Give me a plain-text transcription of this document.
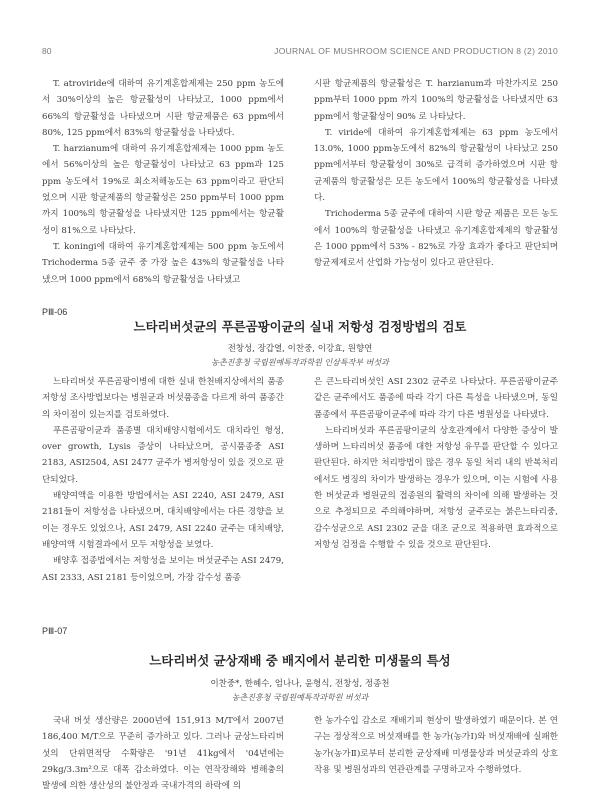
80	JOURNAL OF MUSHROOM SCIENCE AND PRODUCTION 8 (2) 2010

T. atroviride에 대하여 유기계혼합제제는 250 ppm 농도에서 30%이상의 높은 항균활성이 나타났고, 1000 ppm에서 66%의 항균활성을 나타냈으며 시판 항균제품은 63 ppm에서 80%, 125 ppm에서 83%의 항균활성을 나타냈다.

T. harzianum에 대하여 유기계혼합제제는 1000 ppm 농도에서 56%이상의 높은 항균활성이 나타났고 63 ppm과 125 ppm 농도에서 19%로 최소저해농도는 63 ppm이라고 판단되었으며 시판 항균제품의 항균활성은 250 ppm부터 1000 ppm 까지 100%의 항균활성을 나타냈지만 125 ppm에서는 항균활성이 81%으로 나타났다.

T. koningi에 대하여 유기계혼합제제는 500 ppm 농도에서 Trichoderma 5종 균주 중 가장 높은 43%의 항균활성을 나타냈으며 1000 ppm에서 68%의 항균활성을 나타냈고

시판 항균제품의 항균활성은 T. harzianum과 마찬가지로 250 ppm부터 1000 ppm 까지 100%의 항균활성을 나타냈지만 63 ppm에서 항균활성이 90% 로 나타났다.

T. viride에 대하여 유기계혼합제제는 63 ppm 농도에서 13.0%, 1000 ppm농도에서 82%의 항균활성이 나타났고 250 ppm에서부터 항균활성이 30%로 급격히 증가하였으며 시판 항균제품의 항균활성은 모든 농도에서 100%의 항균활성을 나타냈다.

Trichoderma 5종 균주에 대하여 시판 항균 제품은 모든 농도에서 100%의 항균활성을 나타냈고 유기계혼합제제의 항균활성은 1000 ppm에서 53% - 82%로 가장 효과가 좋다고 판단되며 항균제제로서 산업화 가능성이 있다고 판단된다.

PⅢ-06
느타리버섯균의 푸른곰팡이균의 실내 저항성 검정방법의 검토
전창성, 장갑열, 이찬중, 이강효, 원향연
농촌진흥청 국립원예특작과학원 인삼특작부 버섯과

느타리버섯 푸른곰팡이병에 대한 실내 한천배지상에서의 품종 저항성 조사방법보다는 병원균과 버섯품종을 다르게 하여 품종간의 차이점이 있는지를 검토하였다.

푸른곰팡이균과 품종별 대치배양시험에서도 대치라인 형성, over growth, Lysis 증상이 나타났으며, 공시품종중 ASI 2183, ASI2504, ASI 2477 균주가 병저항성이 있을 것으로 판단되었다.

배양여액을 이용한 방법에서는 ASI 2240, ASI 2479, ASI 2181들이 저항성을 나타냈으며, 대치배양에서는 다른 경향을 보이는 경우도 있었으나, ASI 2479, ASI 2240 균주는 대치배양, 배양여액 시험결과에서 모두 저항성을 보였다.

배양후 접종법에서는 저항성을 보이는 버섯균주는 ASI 2479, ASI 2333, ASI 2181 등이었으며, 가장 감수성 품종

은 큰느타리버섯인 ASI 2302 균주로 나타났다. 푸른곰팡이균주 같은 균주에서도 품종에 따라 각기 다른 특성을 나타냈으며, 동일품종에서 푸른곰팡이균주에 따라 각기 다른 병원성을 나타냈다.

느타리버섯과 푸른곰팡이균의 상호관계에서 다양한 증상이 발생하며 느타리버섯 품종에 대한 저항성 유무를 판단할 수 있다고 판단된다. 하지만 처리방법이 많은 경우 동일 처리 내의 반복처리에서도 병징의 차이가 발생하는 경우가 있으며, 이는 시험에 사용한 버섯균과 병원균의 접종원의 활력의 차이에 의해 발생하는 것으로 추정되므로 주의해야하며, 저항성 균주로는 붉은느타리중, 감수성균으로 ASI 2302 균을 대조 균으로 적용하면 효과적으로 저항성 검정을 수행할 수 있을 것으로 판단된다.

PⅢ-07
느타리버섯 균상재배 중 배지에서 분리한 미생물의 특성
이찬중*, 한혜수, 엄나나, 윤형식, 전창성, 정종천
농촌진흥청 국립원예특작과학원 버섯과

국내 버섯 생산량은 2000년에 151,913 M/T에서 2007년 186,400 M/T으로 꾸준히 증가하고 있다. 그러나 균상느타리버섯의 단위면적당 수확량은 '91년 41kg에서 '04년에는 29kg/3.3m²으로 대폭 감소하였다. 이는 연작장해와 병해충의 발생에 의한 생산성의 불안정과 국내가격의 하락에 의

한 농가수입 감소로 재배기피 현상이 발생하였기 때문이다. 본 연구는 정상적으로 버섯재배를 한 농가(농가Ⅰ)와 버섯재배에 실패한 농가(농가Ⅱ)로부터 분리한 균상재배 미생물상과 버섯균과의 상호작용 및 병원성과의 연관관계를 구명하고자 수행하였다.
